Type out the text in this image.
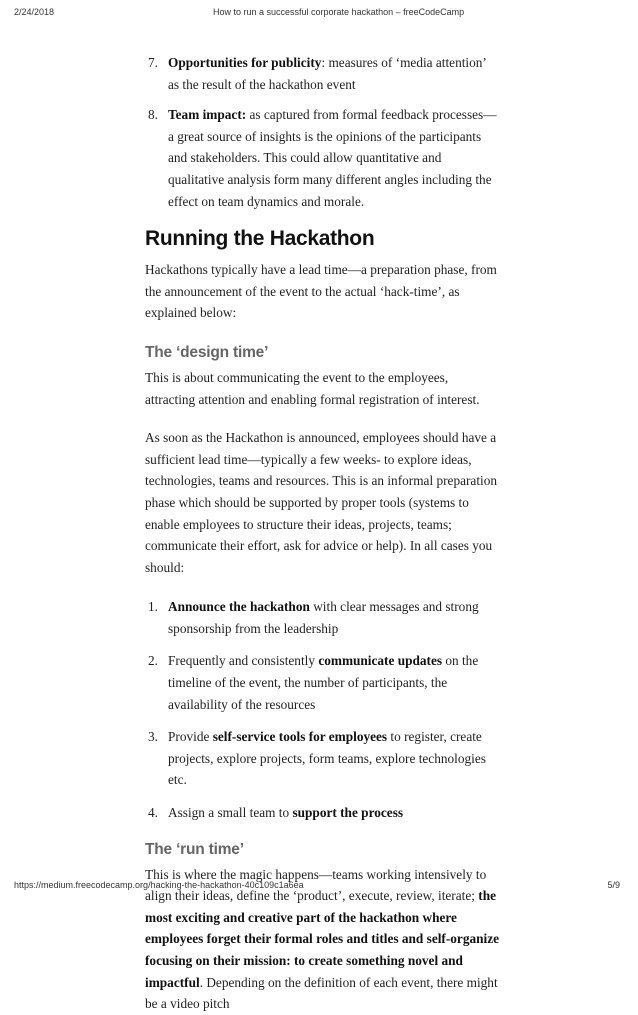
2/24/2018	How to run a successful corporate hackathon – freeCodeCamp
7. Opportunities for publicity: measures of ‘media attention’ as the result of the hackathon event
8. Team impact: as captured from formal feedback processes—a great source of insights is the opinions of the participants and stakeholders. This could allow quantitative and qualitative analysis form many different angles including the effect on team dynamics and morale.
Running the Hackathon

Hackathons typically have a lead time—a preparation phase, from the announcement of the event to the actual ‘hack-time’, as explained below:

The ‘design time’

This is about communicating the event to the employees, attracting attention and enabling formal registration of interest.

As soon as the Hackathon is announced, employees should have a sufficient lead time—typically a few weeks- to explore ideas, technologies, teams and resources. This is an informal preparation phase which should be supported by proper tools (systems to enable employees to structure their ideas, projects, teams; communicate their effort, ask for advice or help). In all cases you should:

1. Announce the hackathon with clear messages and strong sponsorship from the leadership
2. Frequently and consistently communicate updates on the timeline of the event, the number of participants, the availability of the resources
3. Provide self-service tools for employees to register, create projects, explore projects, form teams, explore technologies etc.
4. Assign a small team to support the process
The ‘run time’

This is where the magic happens—teams working intensively to align their ideas, define the ‘product’, execute, review, iterate; the most exciting and creative part of the hackathon where employees forget their formal roles and titles and self-organize focusing on their mission: to create something novel and impactful. Depending on the definition of each event, there might be a video pitch

https://medium.freecodecamp.org/hacking-the-hackathon-40c109c1a6ea	5/9
